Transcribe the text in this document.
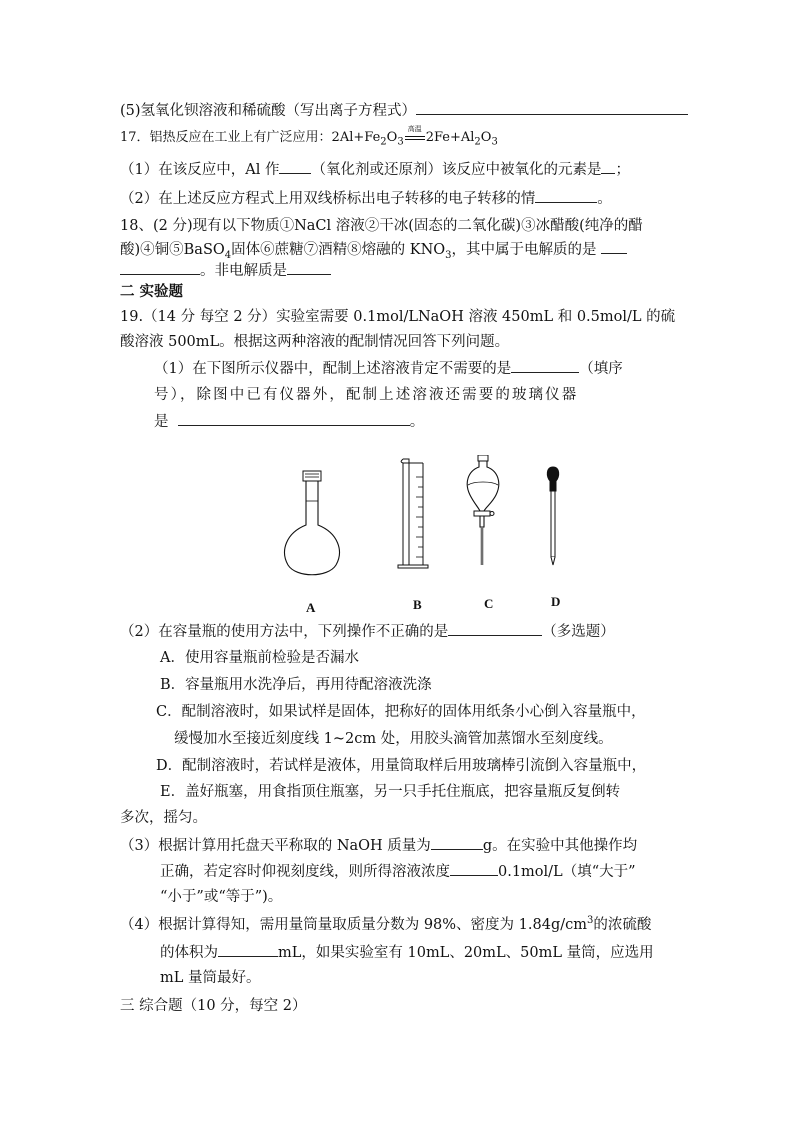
(5)氢氧化钡溶液和稀硫酸（写出离子方程式）
17．铝热反应在工业上有广泛应用：$2Al+Fe_2O_3$
高温
$2Fe+Al_2O_3$
（1）在该反应中，Al 作 （氧化剂或还原剂）该反应中被氧化的元素是 ；
（2）在上述反应方程式上用双线桥标出电子转移的电子转移的情	。
18、(2 分)现有以下物质①NaCl 溶液②干冰(固态的二氧化碳)③冰醋酸(纯净的醋
酸)④铜⑤BaSO$_4$固体⑥蔗糖⑦酒精⑧熔融的 $KNO_3$，其中属于电解质的是
。非电解质是
二 实验题
19.（14 分 每空 2 分）实验室需要 0.1mol/LNaOH 溶液 450mL 和 0.5mol/L 的硫
酸溶液 500mL。根据这两种溶液的配制情况回答下列问题。
（1）在下图所示仪器中，配制上述溶液肯定不需要的是	（填序
号），除图中已有仪器外，配制上述溶液还需要的玻璃仪器
是	。
A	B	C	D
（2）在容量瓶的使用方法中，下列操作不正确的是	（多选题）
A．使用容量瓶前检验是否漏水
B．容量瓶用水洗净后，再用待配溶液洗涤
C．配制溶液时，如果试样是固体，把称好的固体用纸条小心倒入容量瓶中，
缓慢加水至接近刻度线 1~2cm 处，用胶头滴管加蒸馏水至刻度线。
D．配制溶液时，若试样是液体，用量筒取样后用玻璃棒引流倒入容量瓶中，
E．盖好瓶塞，用食指顶住瓶塞，另一只手托住瓶底，把容量瓶反复倒转
多次，摇匀。
（3）根据计算用托盘天平称取的 NaOH 质量为	g。在实验中其他操作均
正确，若定容时仰视刻度线，则所得溶液浓度	0.1mol/L（填“大于”
“小于”或“等于”)。
（4）根据计算得知，需用量筒量取质量分数为 98%、密度为 $1.84g/cm^3$的浓硫酸
的体积为	mL，如果实验室有 10mL、20mL、50mL 量筒，应选用
mL 量筒最好。
三 综合题（10 分，每空 2）
